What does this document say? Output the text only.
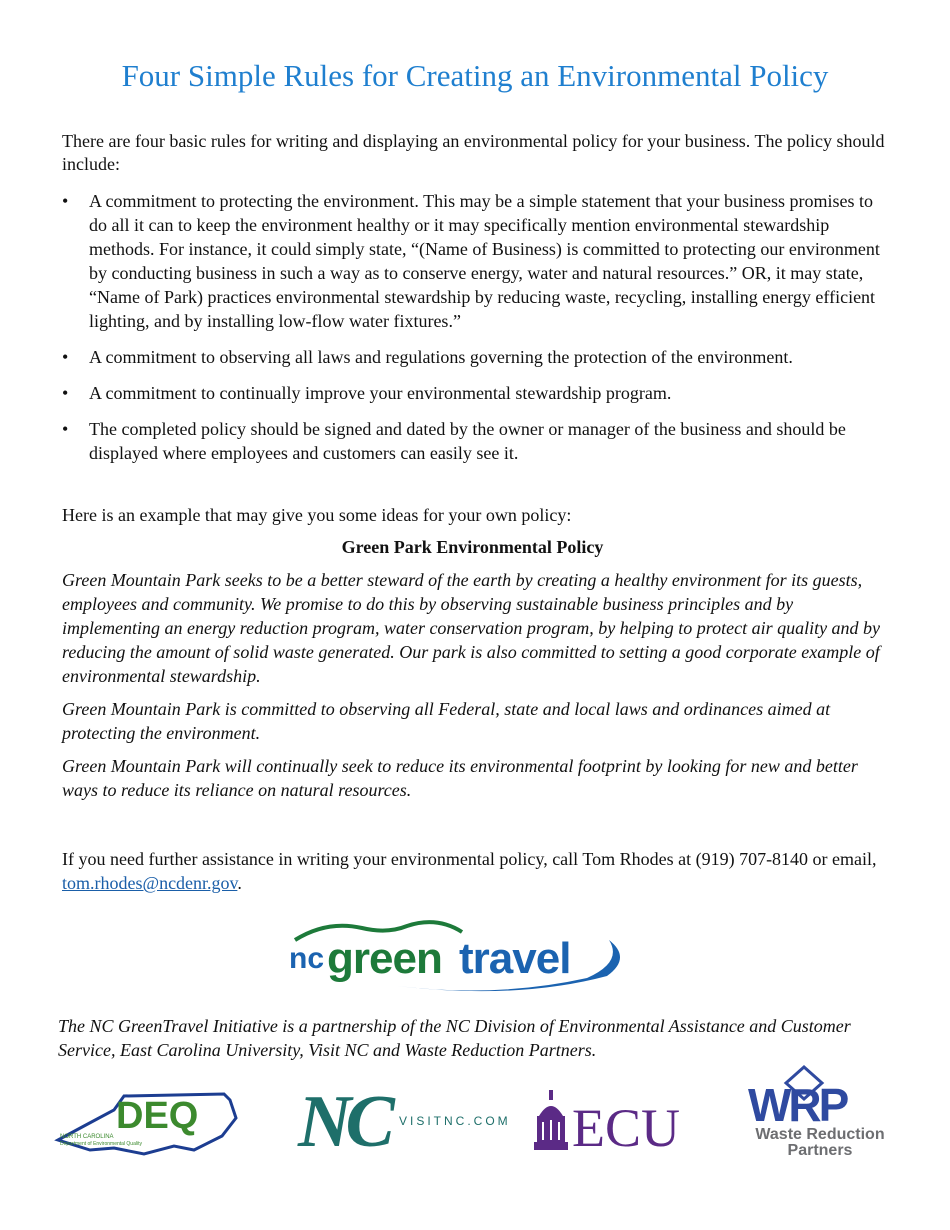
Four Simple Rules for Creating an Environmental Policy

There are four basic rules for writing and displaying an environmental policy for your business. The policy should include:

• A commitment to protecting the environment. This may be a simple statement that your business promises to do all it can to keep the environment healthy or it may specifically mention environmental stewardship methods. For instance, it could simply state, “(Name of Business) is committed to protecting our environment by conducting business in such a way as to conserve energy, water and natural resources.” OR, it may state, “Name of Park) practices environmental stewardship by reducing waste, recycling, installing energy efficient lighting, and by installing low-flow water fixtures.”
• A commitment to observing all laws and regulations governing the protection of the environment.
• A commitment to continually improve your environmental stewardship program.
• The completed policy should be signed and dated by the owner or manager of the business and should be displayed where employees and customers can easily see it.

Here is an example that may give you some ideas for your own policy:

Green Park Environmental Policy

Green Mountain Park seeks to be a better steward of the earth by creating a healthy environment for its guests, employees and community. We promise to do this by observing sustainable business principles and by implementing an energy reduction program, water conservation program, by helping to protect air quality and by reducing the amount of solid waste generated. Our park is also committed to setting a good corporate example of environmental stewardship.

Green Mountain Park is committed to observing all Federal, state and local laws and ordinances aimed at protecting the environment.

Green Mountain Park will continually seek to reduce its environmental footprint by looking for new and better ways to reduce its reliance on natural resources.

If you need further assistance in writing your environmental policy, call Tom Rhodes at (919) 707-8140 or email, tom.rhodes@ncdenr.gov.

nc green travel

The NC GreenTravel Initiative is a partnership of the NC Division of Environmental Assistance and Customer Service, East Carolina University, Visit NC and Waste Reduction Partners.

DEQ
NORTH CAROLINA
Department of Environmental Quality NC VISITNC.COM ECU WRP
Waste Reduction
Partners
